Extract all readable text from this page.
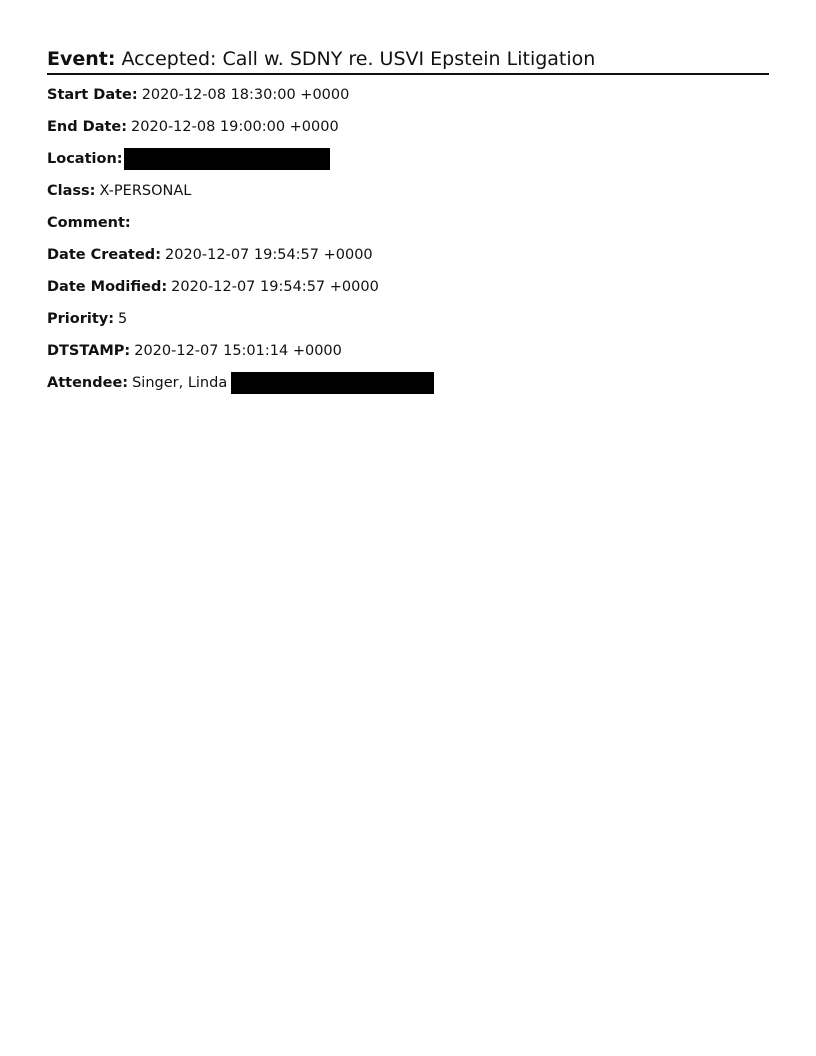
Event: Accepted: Call w. SDNY re. USVI Epstein Litigation
Start Date: 2020-12-08 18:30:00 +0000
End Date: 2020-12-08 19:00:00 +0000
Location:
Class: X-PERSONAL
Comment:
Date Created: 2020-12-07 19:54:57 +0000
Date Modified: 2020-12-07 19:54:57 +0000
Priority: 5
DTSTAMP: 2020-12-07 15:01:14 +0000
Attendee: Singer, Linda
